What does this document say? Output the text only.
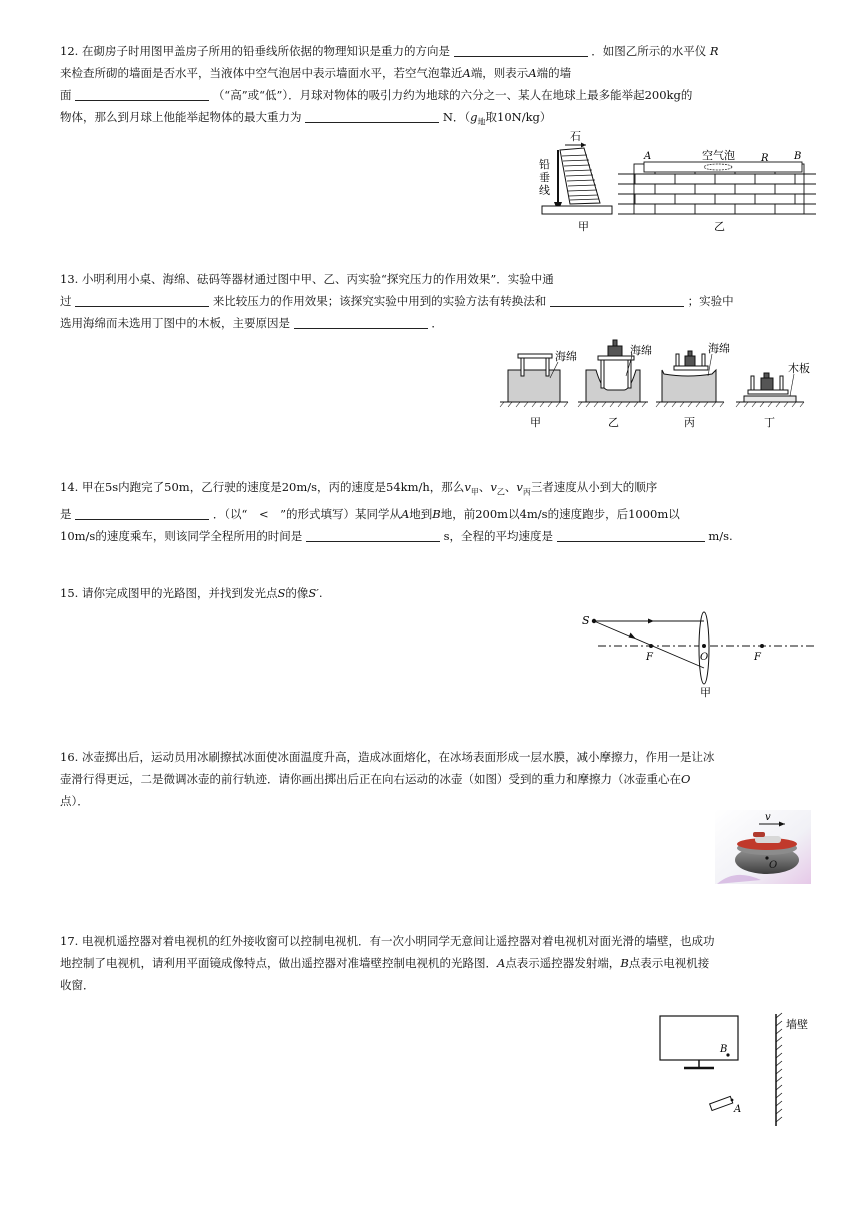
12. 在砌房子时用图甲盖房子所用的铅垂线所依据的物理知识是重力的方向是	．如图乙所示的水平仪 R
来检查所砌的墙面是否水平，当液体中空气泡居中表示墙面水平，若空气泡靠近A端，则表示A端的墙
面	（“高”或“低”）．月球对物体的吸引力约为地球的六分之一、某人在地球上最多能举起200kg的
物体，那么到月球上他能举起物体的最大重力为	N．（$g_地$取10N/kg）
石
铅
垂
线
甲
A	空气泡	R	B
乙
13. 小明利用小桌、海绵、砝码等器材通过图中甲、乙、丙实验“探究压力的作用效果”．实验中通
过	来比较压力的作用效果；该探究实验中用到的实验方法有转换法和	；实验中
选用海绵而未选用丁图中的木板，主要原因是	．
海绵	海绵	海绵
木板
甲	乙	丙	丁
14. 甲在5s内跑完了50m，乙行驶的速度是20m/s，丙的速度是54km/h，那么$v_甲$、$v_乙$、$v_丙$三者速度从小到大的顺序
是	．（以“　<　”的形式填写）某同学从A地到B地，前200m以4m/s的速度跑步，后1000m以
10m/s的速度乘车，则该同学全程所用的时间是	s，全程的平均速度是	m/s.
15. 请你完成图甲的光路图，并找到发光点S的像S′.
S
F	O	F
甲
16. 冰壶掷出后，运动员用冰刷擦拭冰面使冰面温度升高，造成冰面熔化，在冰场表面形成一层水膜，减小摩擦力，作用一是让冰
壶滑行得更远，二是微调冰壶的前行轨迹．请你画出掷出后正在向右运动的冰壶（如图）受到的重力和摩擦力（冰壶重心在O
点）．
v
O
17. 电视机遥控器对着电视机的红外接收窗可以控制电视机．有一次小明同学无意间让遥控器对着电视机对面光滑的墙壁，也成功
地控制了电视机，请利用平面镜成像特点，做出遥控器对准墙壁控制电视机的光路图．A点表示遥控器发射端，B点表示电视机接
收窗．
B
A
墙壁
